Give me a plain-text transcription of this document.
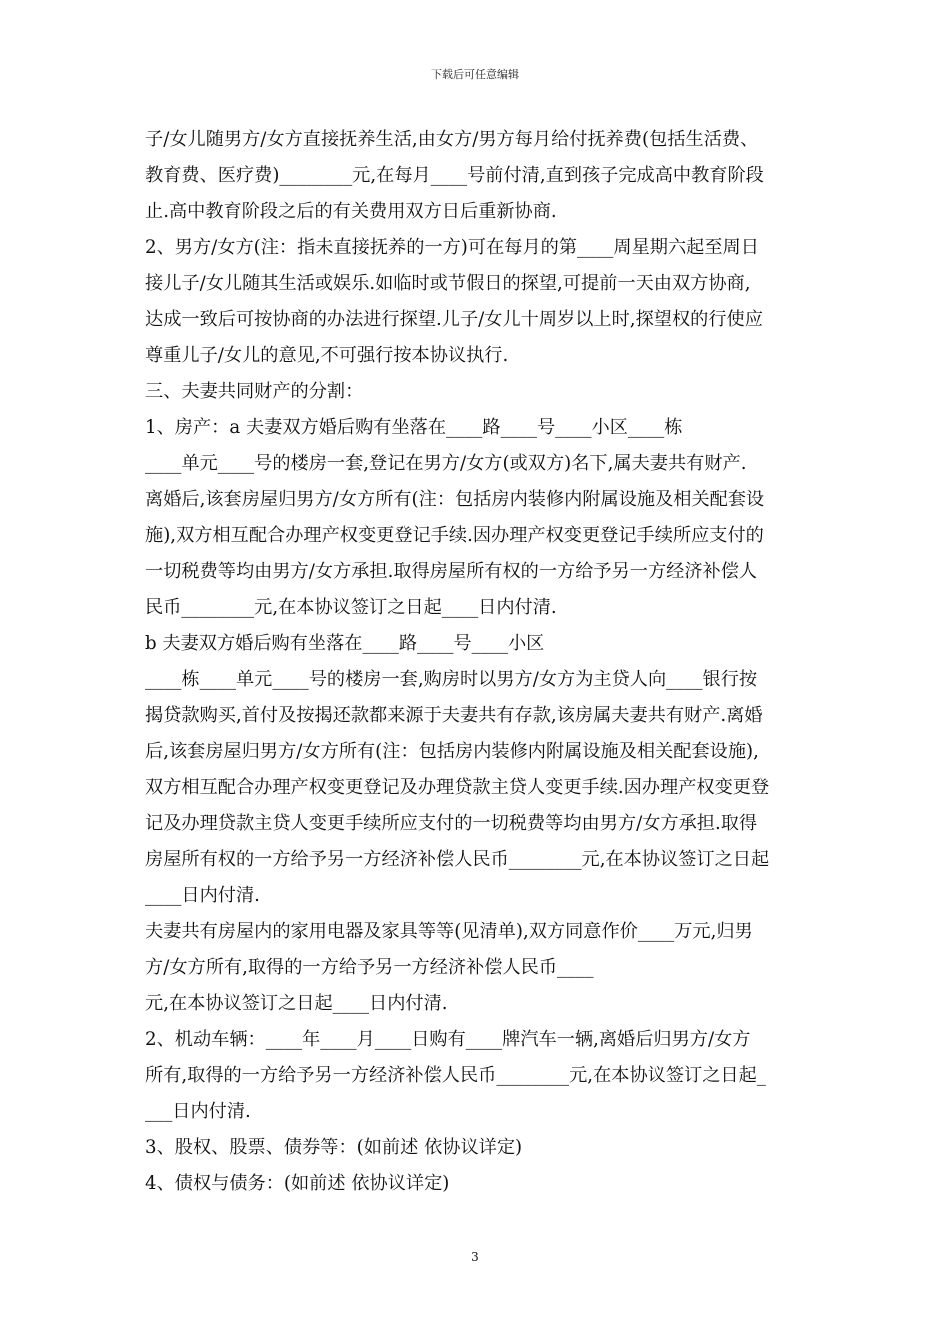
下载后可任意编辑
子/女儿随男方/女方直接抚养生活,由女方/男方每月给付抚养费(包括生活费、
教育费、医疗费)________元,在每月____号前付清,直到孩子完成高中教育阶段
止.高中教育阶段之后的有关费用双方日后重新协商.
2、男方/女方(注：指未直接抚养的一方)可在每月的第____周星期六起至周日
接儿子/女儿随其生活或娱乐.如临时或节假日的探望,可提前一天由双方协商,
达成一致后可按协商的办法进行探望.儿子/女儿十周岁以上时,探望权的行使应
尊重儿子/女儿的意见,不可强行按本协议执行.
三、夫妻共同财产的分割：
1、房产：a 夫妻双方婚后购有坐落在____路____号____小区____栋
____单元____号的楼房一套,登记在男方/女方(或双方)名下,属夫妻共有财产.
离婚后,该套房屋归男方/女方所有(注：包括房内装修内附属设施及相关配套设
施),双方相互配合办理产权变更登记手续.因办理产权变更登记手续所应支付的
一切税费等均由男方/女方承担.取得房屋所有权的一方给予另一方经济补偿人
民币________元,在本协议签订之日起____日内付清.
b 夫妻双方婚后购有坐落在____路____号____小区
____栋____单元____号的楼房一套,购房时以男方/女方为主贷人向____银行按
揭贷款购买,首付及按揭还款都来源于夫妻共有存款,该房属夫妻共有财产.离婚
后,该套房屋归男方/女方所有(注：包括房内装修内附属设施及相关配套设施),
双方相互配合办理产权变更登记及办理贷款主贷人变更手续.因办理产权变更登
记及办理贷款主贷人变更手续所应支付的一切税费等均由男方/女方承担.取得
房屋所有权的一方给予另一方经济补偿人民币________元,在本协议签订之日起
____日内付清.
夫妻共有房屋内的家用电器及家具等等(见清单),双方同意作价____万元,归男
方/女方所有,取得的一方给予另一方经济补偿人民币____
元,在本协议签订之日起____日内付清.
2、机动车辆：____年____月____日购有____牌汽车一辆,离婚后归男方/女方
所有,取得的一方给予另一方经济补偿人民币________元,在本协议签订之日起_
___日内付清.
3、股权、股票、债券等：(如前述 依协议详定)
4、债权与债务：(如前述 依协议详定)
3
